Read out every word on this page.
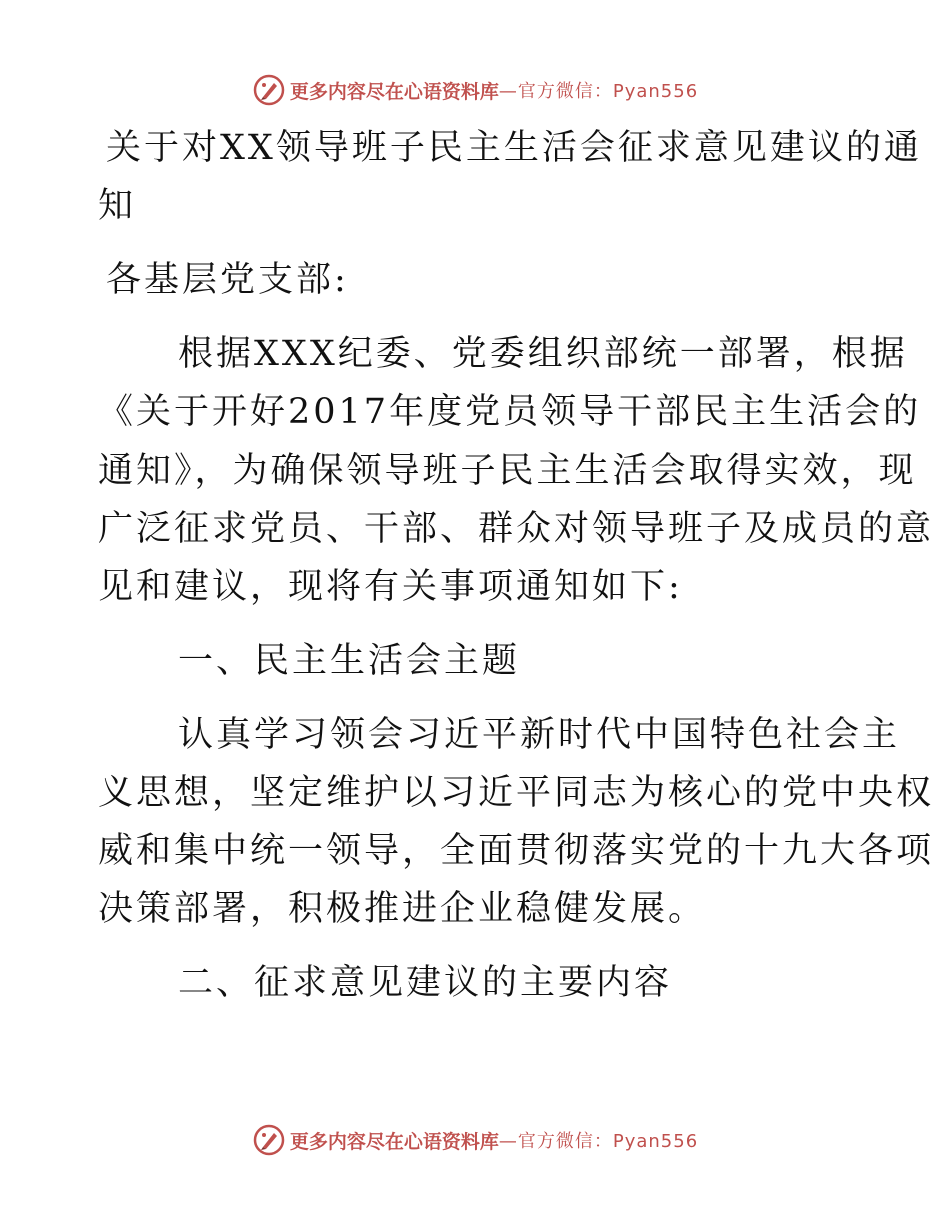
更多内容尽在心语资料库 —官方微信：Pyan556
关于对XX领导班子民主生活会征求意见建议的通
知
各基层党支部:
根据XXX纪委、党委组织部统一部署，根据
《关于开好2017年度党员领导干部民主生活会的
通知》，为确保领导班子民主生活会取得实效，现
广泛征求党员、干部、群众对领导班子及成员的意
见和建议，现将有关事项通知如下:
一、民主生活会主题
认真学习领会习近平新时代中国特色社会主
义思想，坚定维护以习近平同志为核心的党中央权
威和集中统一领导，全面贯彻落实党的十九大各项
决策部署，积极推进企业稳健发展。
二、征求意见建议的主要内容
更多内容尽在心语资料库 —官方微信：Pyan556
